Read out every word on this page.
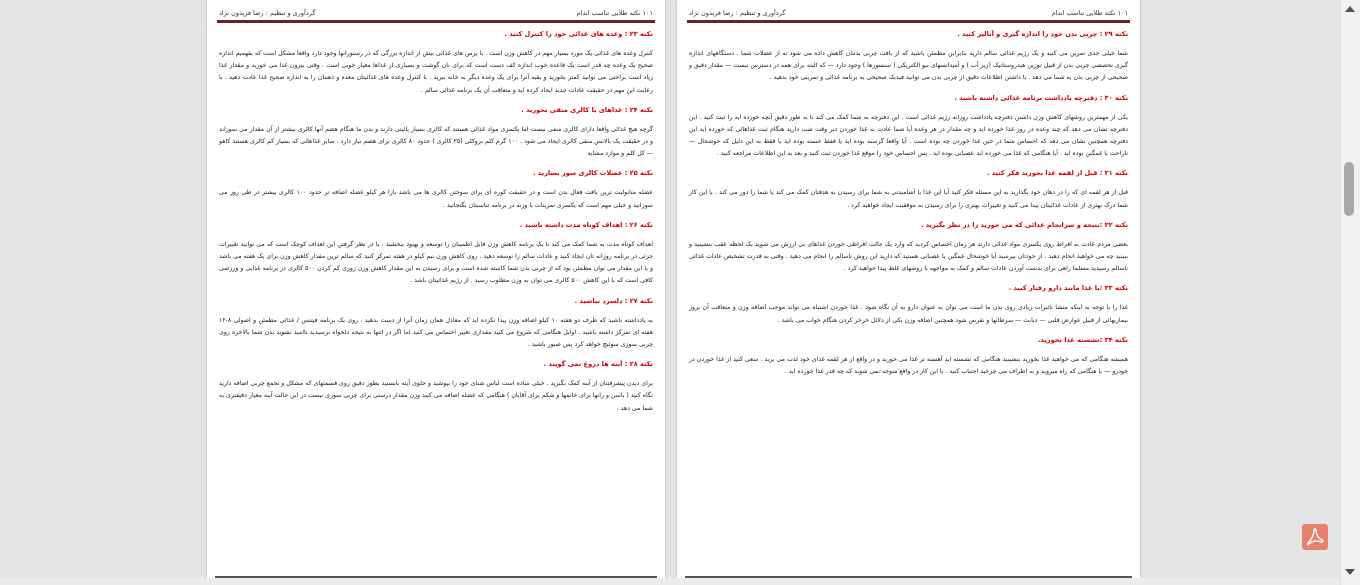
۱۰۱ نکته طلایی تناسب اندام
گردآوری و تنظیم : رضا فریدون نژاد

نکته ۲۳ : وعده های غذائی خود را کنترل کنید .

کنترل وعده های غذائی یک مورد بسیار مهم در کاهش وزن است . با پرس های غذائی بیش از اندازه بزرگی که در رستورانها وجود دارد واقعا مشکل است که بفهمیم اندازه صحیح یک وعده چه قدر است یک قاعده خوب اندازه کف دست است که برای نان گوشت و بسیاری از غذاها معیار خوبی است . وقتی بیرون غذا می خورید و مقدار غذا زیاد است براحتی می توانید کمتر بخورید و بقیه آنرا برای یک وعده دیگر به خانه ببرید . با کنترل وعده های غذائیتان معده و ذهنتان را به اندازه صحیح غذا عادت دهید . با رعایت این مهم در حقیقت عادات جدید ایجاد کرده اید و متعاقب آن یک برنامه غذائی سالم .

نکته ۲۴ : غذاهای با کالری منفی بخورید .

گرچه هیچ غذائی واقعا دارای کالری منفی نیست اما یکسری مواد غذائی هستند که کالری بسیار پائینی دارند و بدن ما هنگام هضم آنها کالری بیشتر از آن مقدار می سوزاند و در حقیقت یک بالانس منفی کالری ایجاد می شود . ۱۰۰ گرم کلم بروکلی (۲۵ کالری ) حدود ۸۰ کالری برای هضم نیاز دارد . سایر غذاهائی که بسیار کم کالری هستند کاهو — کل کلم و موارد مشابه

نکته ۲۵ : عضلات کالری سوز بسازید .

عضله متابولیت ترین بافت فعال بدن است و در حقیقت کوره ای برای سوختن کالری ها می باشد بازا هر کیلو عضله اضافه تر حدود ۱۰۰ کالری بیشتر در طی روز می سوزانید و خیلی مهم است که یکسری تمرینات با وزنه در برنامه تناسبتان بگنجانید .

نکته ۲۶ : اهداف کوتاه مدت داشته باشید .

اهداف کوتاه مدت به شما کمک می کند تا یک برنامه کاهش وزن قابل اطمینان را توسعه و بهبود ببخشید . با در نظر گرفتن این اهداف کوچک است که می توانید تغییرات جزئی در برنامه روزانه تان ایجاد کنید و عادات سالم را توسعه دهید . روی کاهش وزن نیم کیلو در هفته تمرکز کنید که سالم ترین مقدار کاهش وزن برای یک هفته می باشد و با این مقدار می توان مطمئن بود که از چربی بدن شما کاسته شده است و برای رسیدن به این مقدار کاهش وزن روزی کم کردن ۵۰۰ کالری در برنامه غذایی و ورزشی کافی است که با این کاهش ۵۰۰ کالری می توان به وزن مطلوب رسید . از رژیم غذائیتان باشد .

نکته ۲۷ : دلسرد نباشید .

به یادداشته باشید که طرف دو هفته ۱۰ کیلو اضافه وزن پیدا نکرده اید که معادل همان زمان آنرا از دست بدهید . روی یک برنامه فیتنس / غذائی مطمئن و اصولی ۸-۱۲ هفته ای تمرکز داشته باشید . اوایل هنگامی که شروع می کنید مقداری تغییر احساس می کنید اما اگر در انتها به نتیجه دلخواه نرسیدید ناامید نشوید بدن شما بالاخره روی چربی سوزی سوئیچ خواهد کرد پس صبور باشید .

نکته ۲۸ : آینه ها دروغ نمی گویند .

برای دیدن پیشرفتتان از آینه کمک بگیرید . خیلی ساده است لباس شنای خود را بپوشید و جلوی آینه بایستید بطور دقیق روی قسمتهای که مشکل و تجمع چربی اضافه دارید نگاه کنید ( باسن و رانها برای خانمها و شکم برای آقایان ) هنگامی که عضله اضافه می کنید وزن مقدار درستی برای چربی سوزی نیست در این حالت آینه معیار دقیقتری به شما می دهد .

۱۰۱ نکته طلایی تناسب اندام
گردآوری و تنظیم : رضا فریدون نژاد

نکته ۲۹ : چربی بدن خود را اندازه گیری و آنالیز کنید .

شما خیلی جدی تمرین می کنید و یک رژیم غذائی سالم دارید بنابراین مطمئن باشید که از بافت چربی بدنتان کاهش داده می شود نه از عضلات شما . دستگاههای اندازه گیری تخصصی چربی بدن از قبیل توزین هیدروستاتیک (زیر آب ) و آمپدانسهای بیو الکتریکی ( سنسورها ) وجود دارد — که البته برای همه در دسترس نیست — مقدار دقیق و صحیحی از چربی بدن به شما می دهد . با داشتن اطلاعات دقیق از چربی بدن می توانید فیدبک صحیحی به برنامه غذائی و تمرینی خود بدهید .

نکته ۳۰ : دفترچه یادداشت برنامه غذائی داشته باشید .

یکی از مهمترین روشهای کاهش وزن داشتن دفترچه یادداشت روزانه رژیم غذائی است . این دفترچه به شما کمک می کند تا به طور دقیق آنچه خورده اید را ثبت کنید . این دفترچه نشان می دهد که چند وعده در روز غذا خورده اید و چه مقدار در هر وعده آیا شما عادت به غذا خوردن دیر وقت شب دارید هنگام ثبت غذاهائی که خورده اید این دفترچه همچنین نشان می دهد که احساس شما در حین غذا خوردن چه بوده است . آیا واقعا گرسنه بوده اید یا فقط خسته بوده اید یا فقط به این دلیل که خوشحال — ناراحت یا غمگین بوده اید . آیا هنگامی که غذا می خورده اید عصبانی بوده اید . پس احساس خود را موقع غذا خوردن ثبت کنید و بعد به این اطلاعات مراجعه کنید .

نکته ۳۱ : قبل از لقمه غذا بخورید فکر کنید .

قبل از هر لقمه ای که را در دهان خود بگذارید به این مسئله فکر کنید آیا این غذا یا آشامیدنی به شما برای رسیدن به هدفتان کمک می کند یا شما را دور می کند . با این کار شما درک بهتری از عادات غذائیتان پیدا می کنید و تغییرات بهتری را برای رسیدن به موفقیت ایجاد خواهید کرد .

نکته ۳۲ :نتیجه و سرانجام غذائی که می خورید را در نظر بگیرید .

بعضی مردم عادت به افراط روی یکسری مواد غذائی دارند هر زمان احساس کردید که وارد یک حالت افراطی خوردن غذاهای بی ارزش می شوید یک لحظه عقب بنشینید و ببینید چه می خواهید انجام دهید . از خودتان بپرسید آیا خوشحال غمگین یا عصبانی هستید که دارید این روش ناسالم را انجام می دهید . وقتی به قدرت تشخیص عادات غذائی ناسالم رسیدید مسلما راهی برای بدست آوردن عادات سالم و کمک به مواجهه با روشهای غلط پیدا خواهید کرد .

نکته ۳۳ :با غذا مانند دارو رفتار کنید .

غذا را با توجه به اینکه منشا تاثیرات زیادی روی بدن ما است می توان به عنوان دارو به آن نگاه شود . غذا خوردن اشتباه می تواند موجب اضافه وزن و متعاقب آن بروز بیماریهائی از قبیل عوارض قلبی — دیابت — سرطانها و نقرس شود همچنین اضافه وزن یکی از دلائل خرخر کردن هنگام خواب می باشد .

نکته ۳۴ :نشسته غذا بخورید.

همیشه هنگامی که می خواهید غذا بخورید بنشینید هنگامی که نشسته اید آهسته تر غذا می خورید و در واقع از هر لقمه غذای خود لذت می برید . سعی کنید از غذا خوردن در خودرو — یا هنگامی که راه میروید و به اطراف می چرخید اجتناب کنید . با این کار در واقع متوجه نمی شوید که چه قدر غذا خورده اید .
